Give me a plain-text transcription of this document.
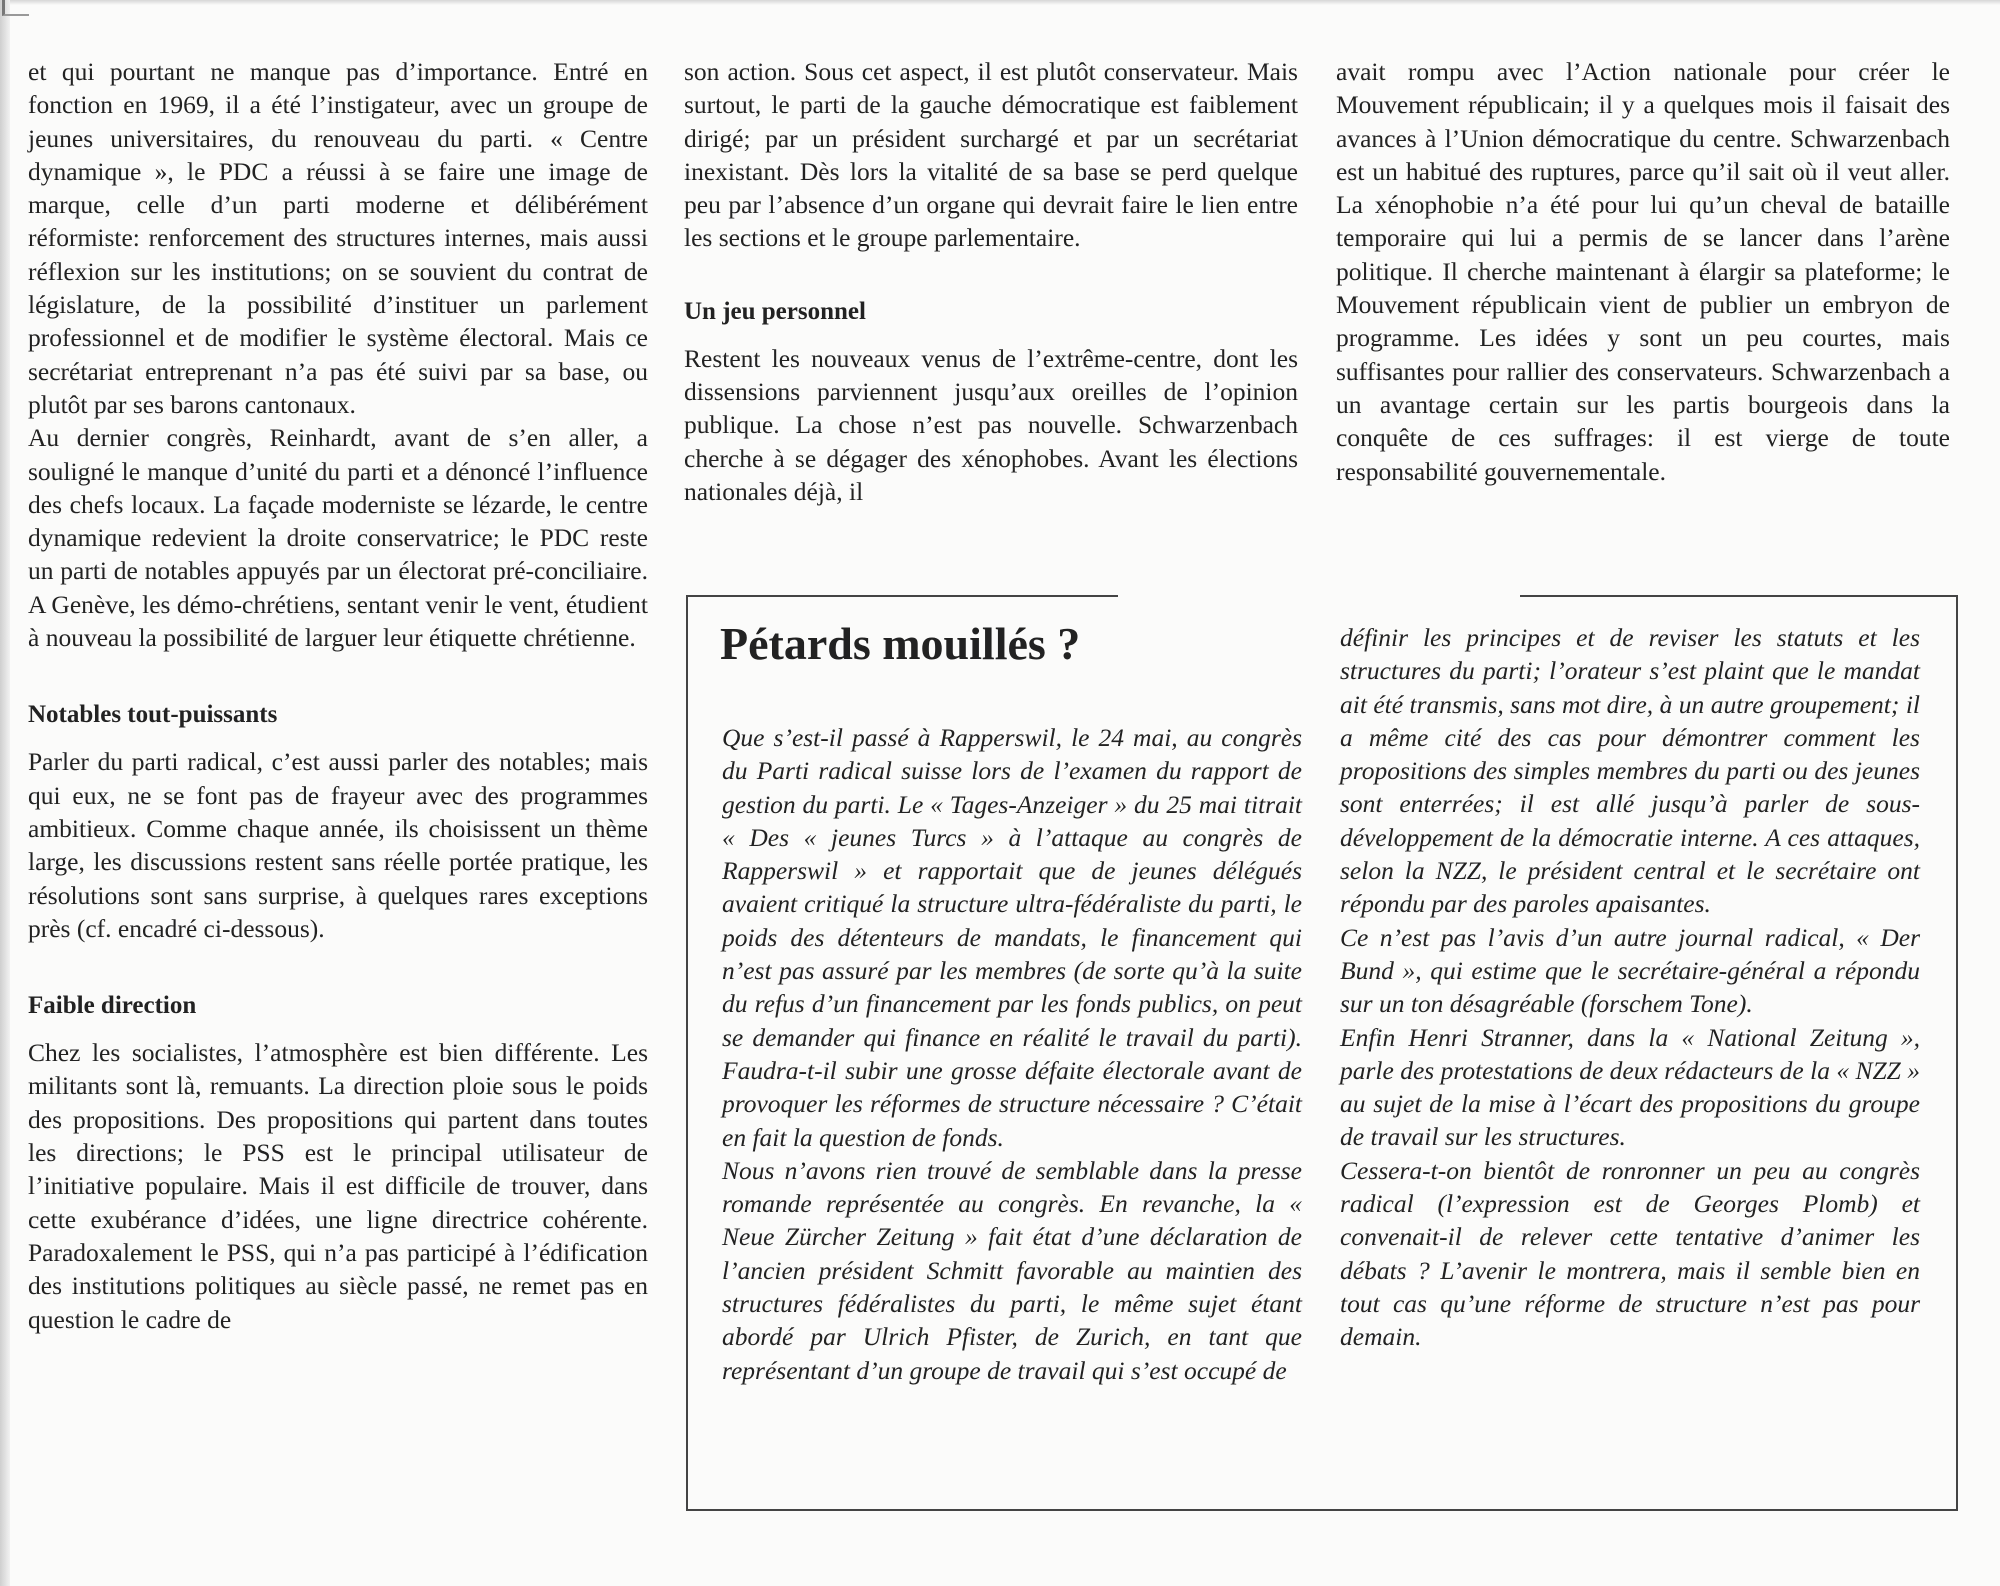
et qui pourtant ne manque pas d’importance. Entré en fonction en 1969, il a été l’instigateur, avec un groupe de jeunes universitaires, du renouveau du parti. « Centre dynamique », le PDC a réussi à se faire une image de marque, celle d’un parti moderne et délibérément réformiste: renforcement des structures internes, mais aussi réflexion sur les institutions; on se souvient du contrat de législature, de la possibilité d’instituer un parlement professionnel et de modifier le système électoral. Mais ce secrétariat entreprenant n’a pas été suivi par sa base, ou plutôt par ses barons cantonaux.

Au dernier congrès, Reinhardt, avant de s’en aller, a souligné le manque d’unité du parti et a dénoncé l’influence des chefs locaux. La façade moderniste se lézarde, le centre dynamique redevient la droite conservatrice; le PDC reste un parti de notables appuyés par un électorat pré-conciliaire. A Genève, les démo-chrétiens, sentant venir le vent, étudient à nouveau la possibilité de larguer leur étiquette chrétienne.

Notables tout-puissants

Parler du parti radical, c’est aussi parler des notables; mais qui eux, ne se font pas de frayeur avec des programmes ambitieux. Comme chaque année, ils choisissent un thème large, les discussions restent sans réelle portée pratique, les résolutions sont sans surprise, à quelques rares exceptions près (cf. encadré ci-dessous).

Faible direction

Chez les socialistes, l’atmosphère est bien différente. Les militants sont là, remuants. La direction ploie sous le poids des propositions. Des propositions qui partent dans toutes les directions; le PSS est le principal utilisateur de l’initiative populaire. Mais il est difficile de trouver, dans cette exubérance d’idées, une ligne directrice cohérente. Paradoxalement le PSS, qui n’a pas participé à l’édification des institutions politiques au siècle passé, ne remet pas en question le cadre de

son action. Sous cet aspect, il est plutôt conservateur. Mais surtout, le parti de la gauche démocratique est faiblement dirigé; par un président surchargé et par un secrétariat inexistant. Dès lors la vitalité de sa base se perd quelque peu par l’absence d’un organe qui devrait faire le lien entre les sections et le groupe parlementaire.

Un jeu personnel

Restent les nouveaux venus de l’extrême-centre, dont les dissensions parviennent jusqu’aux oreilles de l’opinion publique. La chose n’est pas nouvelle. Schwarzenbach cherche à se dégager des xénophobes. Avant les élections nationales déjà, il

avait rompu avec l’Action nationale pour créer le Mouvement républicain; il y a quelques mois il faisait des avances à l’Union démocratique du centre. Schwarzenbach est un habitué des ruptures, parce qu’il sait où il veut aller. La xénophobie n’a été pour lui qu’un cheval de bataille temporaire qui lui a permis de se lancer dans l’arène politique. Il cherche maintenant à élargir sa plateforme; le Mouvement républicain vient de publier un embryon de programme. Les idées y sont un peu courtes, mais suffisantes pour rallier des conservateurs. Schwarzenbach a un avantage certain sur les partis bourgeois dans la conquête de ces suffrages: il est vierge de toute responsabilité gouvernementale.

Pétards mouillés ?

Que s’est-il passé à Rapperswil, le 24 mai, au congrès du Parti radical suisse lors de l’examen du rapport de gestion du parti. Le « Tages-Anzeiger » du 25 mai titrait « Des « jeunes Turcs » à l’attaque au congrès de Rapperswil » et rapportait que de jeunes délégués avaient critiqué la structure ultra-fédéraliste du parti, le poids des détenteurs de mandats, le financement qui n’est pas assuré par les membres (de sorte qu’à la suite du refus d’un financement par les fonds publics, on peut se demander qui finance en réalité le travail du parti). Faudra-t-il subir une grosse défaite électorale avant de provoquer les réformes de structure nécessaire ? C’était en fait la question de fonds.

Nous n’avons rien trouvé de semblable dans la presse romande représentée au congrès. En revanche, la « Neue Zürcher Zeitung » fait état d’une déclaration de l’ancien président Schmitt favorable au maintien des structures fédéralistes du parti, le même sujet étant abordé par Ulrich Pfister, de Zurich, en tant que représentant d’un groupe de travail qui s’est occupé de

définir les principes et de reviser les statuts et les structures du parti; l’orateur s’est plaint que le mandat ait été transmis, sans mot dire, à un autre groupement; il a même cité des cas pour démontrer comment les propositions des simples membres du parti ou des jeunes sont enterrées; il est allé jusqu’à parler de sous-développement de la démocratie interne. A ces attaques, selon la NZZ, le président central et le secrétaire ont répondu par des paroles apaisantes.

Ce n’est pas l’avis d’un autre journal radical, « Der Bund », qui estime que le secrétaire-général a répondu sur un ton désagréable (forschem Tone).

Enfin Henri Stranner, dans la « National Zeitung », parle des protestations de deux rédacteurs de la « NZZ » au sujet de la mise à l’écart des propositions du groupe de travail sur les structures.

Cessera-t-on bientôt de ronronner un peu au congrès radical (l’expression est de Georges Plomb) et convenait-il de relever cette tentative d’animer les débats ? L’avenir le montrera, mais il semble bien en tout cas qu’une réforme de structure n’est pas pour demain.
